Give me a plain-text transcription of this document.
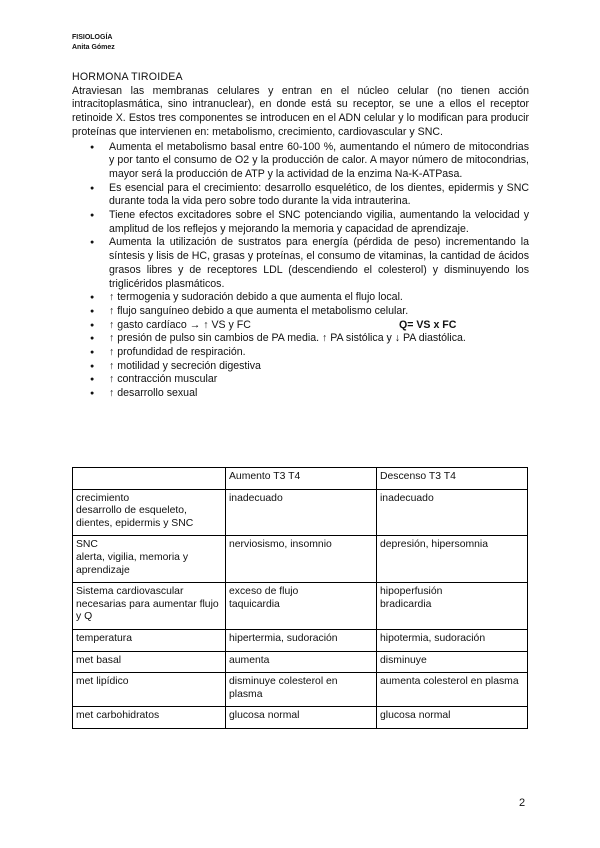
FISIOLOGÍA
Anita Gómez
HORMONA TIROIDEA

Atraviesan las membranas celulares y entran en el núcleo celular (no tienen acción intracitoplasmática, sino intranuclear), en donde está su receptor, se une a ellos el receptor retinoide X. Estos tres componentes se introducen en el ADN celular y lo modifican para producir proteínas que intervienen en: metabolismo, crecimiento, cardiovascular y SNC.

● Aumenta el metabolismo basal entre 60-100 %, aumentando el número de mitocondrias y por tanto el consumo de O2 y la producción de calor. A mayor número de mitocondrias, mayor será la producción de ATP y la actividad de la enzima Na-K-ATPasa.
● Es esencial para el crecimiento: desarrollo esquelético, de los dientes, epidermis y SNC durante toda la vida pero sobre todo durante la vida intrauterina.
● Tiene efectos excitadores sobre el SNC potenciando vigilia, aumentando la velocidad y amplitud de los reflejos y mejorando la memoria y capacidad de aprendizaje.
● Aumenta la utilización de sustratos para energía (pérdida de peso) incrementando la síntesis y lisis de HC, grasas y proteínas, el consumo de vitaminas, la cantidad de ácidos grasos libres y de receptores LDL (descendiendo el colesterol) y disminuyendo los triglicéridos plasmáticos.
● ↑ termogenia y sudoración debido a que aumenta el flujo local.
● ↑ flujo sanguíneo debido a que aumenta el metabolismo celular.
● ↑ gasto cardíaco → ↑ VS y FC	Q= VS x FC
● ↑ presión de pulso sin cambios de PA media. ↑ PA sistólica y ↓ PA diastólica.
● ↑ profundidad de respiración.
● ↑ motilidad y secreción digestiva
● ↑ contracción muscular
● ↑ desarrollo sexual
	Aumento T3 T4	Descenso T3 T4
crecimiento
desarrollo de esqueleto, dientes, epidermis y SNC	inadecuado	inadecuado
SNC
alerta, vigilia, memoria y aprendizaje	nerviosismo, insomnio	depresión, hipersomnia
Sistema cardiovascular necesarias para aumentar flujo y Q	exceso de flujo
taquicardia	hipoperfusión
bradicardia
temperatura	hipertermia, sudoración	hipotermia, sudoración
met basal	aumenta	disminuye
met lipídico	disminuye colesterol en plasma	aumenta colesterol en plasma
met carbohidratos	glucosa normal	glucosa normal
2
